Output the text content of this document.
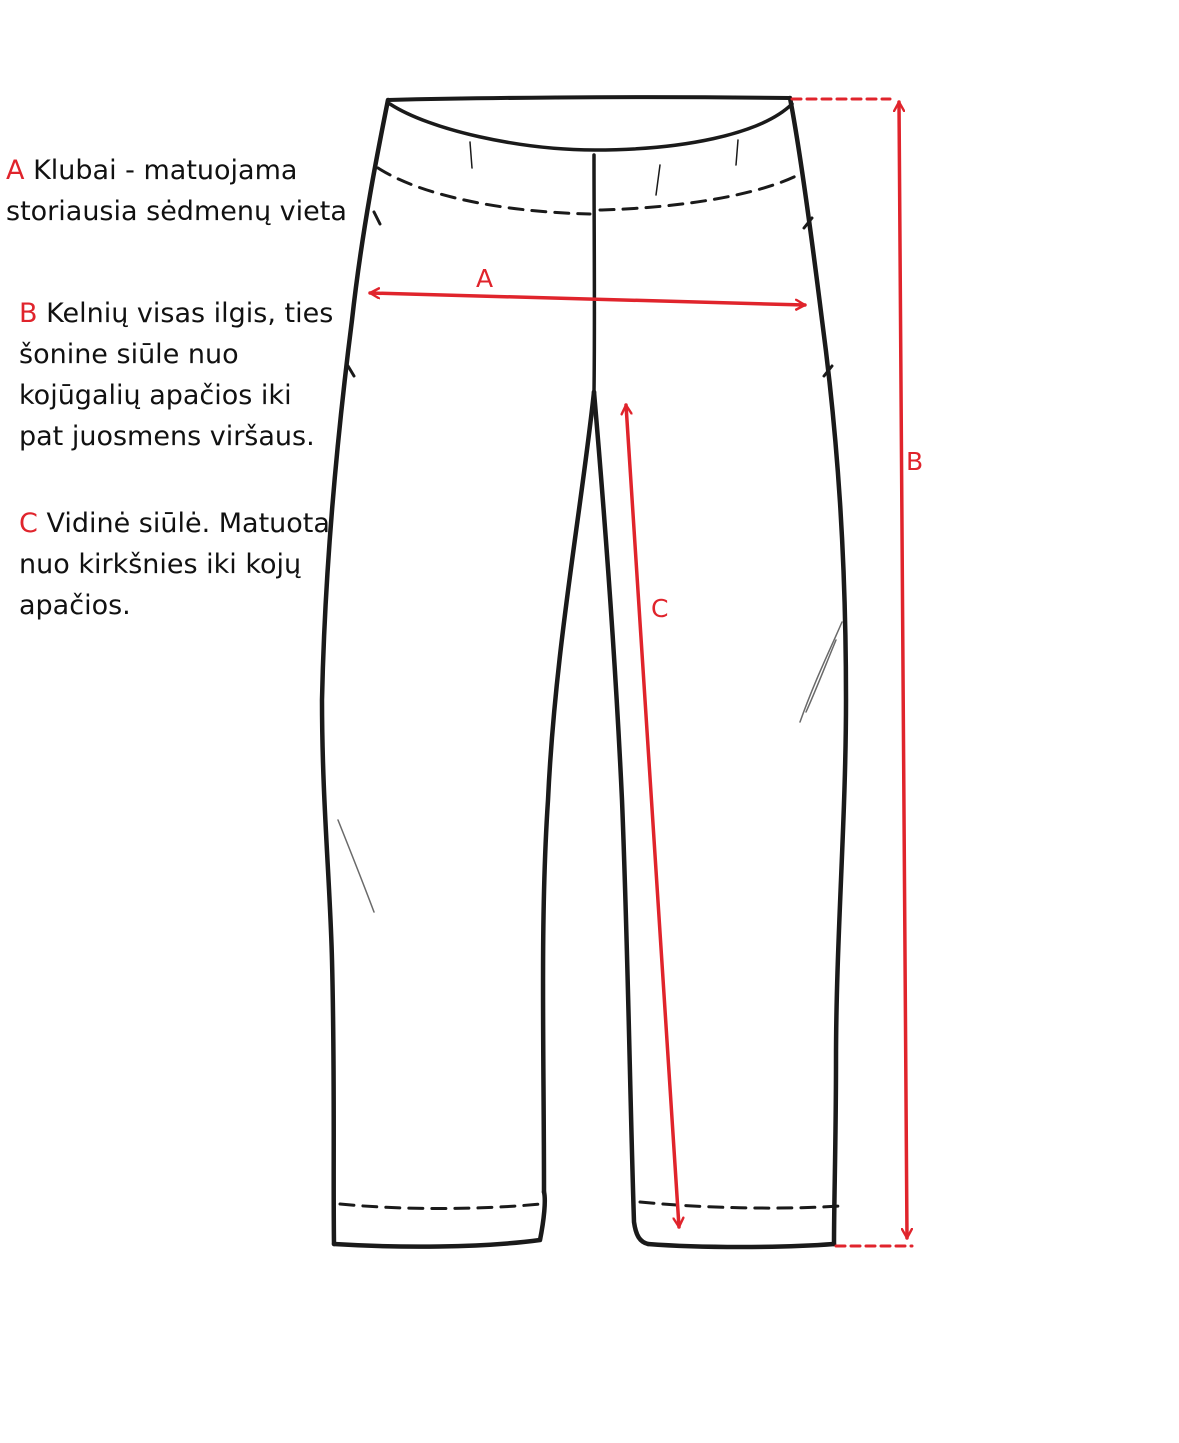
A Klubai - matuojama
storiausia sėdmenų vieta
B Kelnių visas ilgis, ties
šonine siūle nuo
kojūgalių apačios iki
pat juosmens viršaus.
C Vidinė siūlė. Matuota
nuo kirkšnies iki kojų
apačios.
A
B
C
